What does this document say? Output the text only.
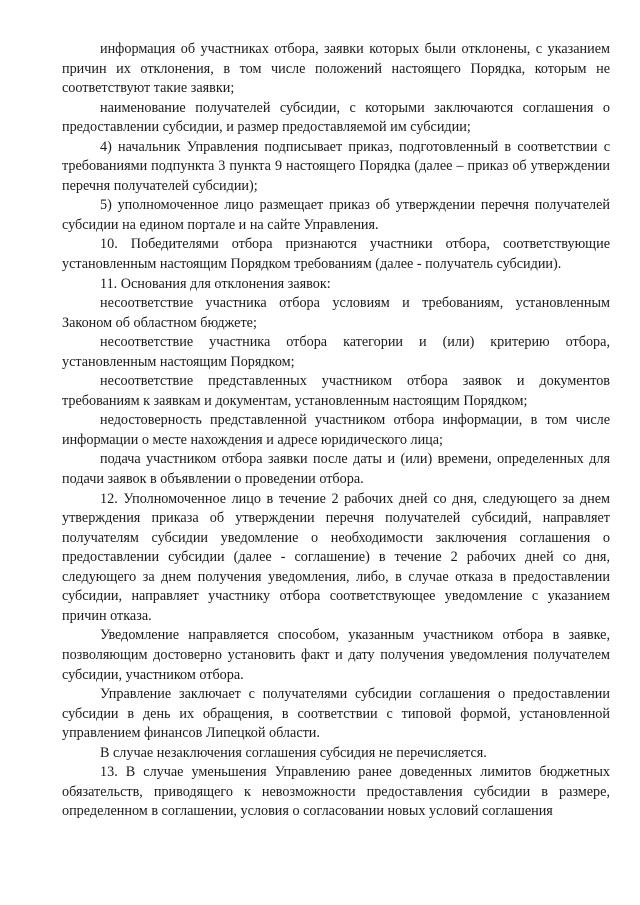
информация об участниках отбора, заявки которых были отклонены, с указанием причин их отклонения, в том числе положений настоящего Порядка, которым не соответствуют такие заявки;

наименование получателей субсидии, с которыми заключаются соглашения о предоставлении субсидии, и размер предоставляемой им субсидии;

4) начальник Управления подписывает приказ, подготовленный в соответствии с требованиями подпункта 3 пункта 9 настоящего Порядка (далее – приказ об утверждении перечня получателей субсидии);

5) уполномоченное лицо размещает приказ об утверждении перечня получателей субсидии на едином портале и на сайте Управления.

10. Победителями отбора признаются участники отбора, соответствующие установленным настоящим Порядком требованиям (далее - получатель субсидии).

11. Основания для отклонения заявок:

несоответствие участника отбора условиям и требованиям, установленным Законом об областном бюджете;

несоответствие участника отбора категории и (или) критерию отбора, установленным настоящим Порядком;

несоответствие представленных участником отбора заявок и документов требованиям к заявкам и документам, установленным настоящим Порядком;

недостоверность представленной участником отбора информации, в том числе информации о месте нахождения и адресе юридического лица;

подача участником отбора заявки после даты и (или) времени, определенных для подачи заявок в объявлении о проведении отбора.

12. Уполномоченное лицо в течение 2 рабочих дней со дня, следующего за днем утверждения приказа об утверждении перечня получателей субсидий, направляет получателям субсидии уведомление о необходимости заключения соглашения о предоставлении субсидии (далее - соглашение) в течение 2 рабочих дней со дня, следующего за днем получения уведомления, либо, в случае отказа в предоставлении субсидии, направляет участнику отбора соответствующее уведомление с указанием причин отказа.

Уведомление направляется способом, указанным участником отбора в заявке, позволяющим достоверно установить факт и дату получения уведомления получателем субсидии, участником отбора.

Управление заключает с получателями субсидии соглашения о предоставлении субсидии в день их обращения, в соответствии с типовой формой, установленной управлением финансов Липецкой области.

В случае незаключения соглашения субсидия не перечисляется.

13. В случае уменьшения Управлению ранее доведенных лимитов бюджетных обязательств, приводящего к невозможности предоставления субсидии в размере, определенном в соглашении, условия о согласовании новых условий соглашения
